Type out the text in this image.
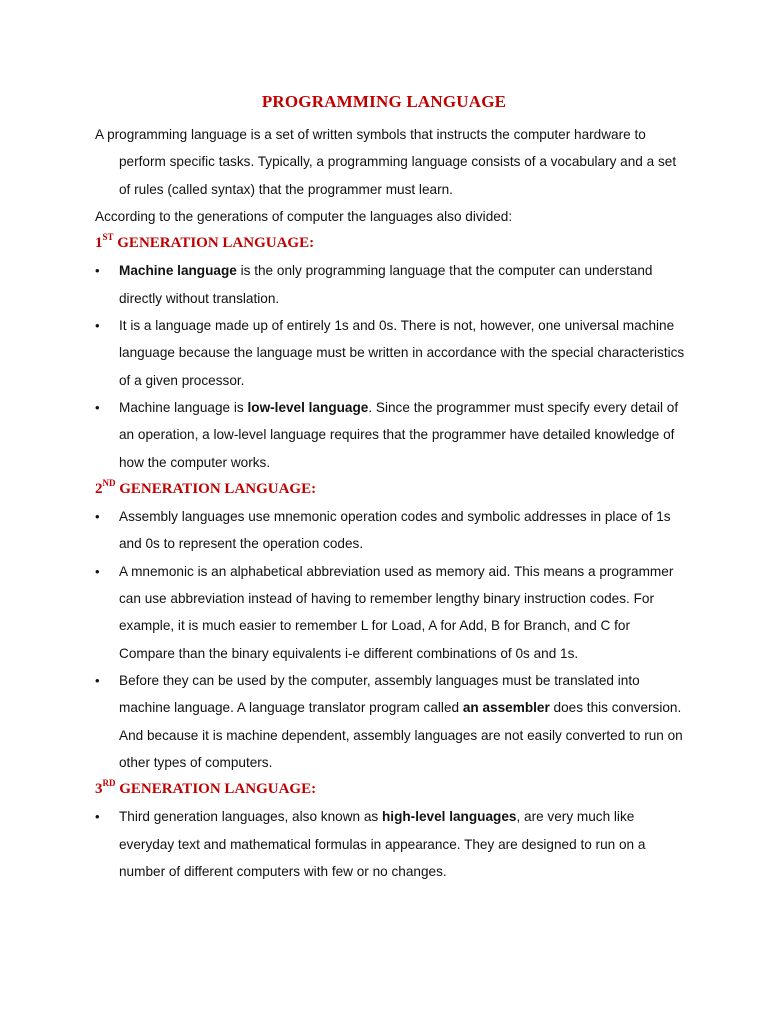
PROGRAMMING LANGUAGE

A programming language is a set of written symbols that instructs the computer hardware to perform specific tasks. Typically, a programming language consists of a vocabulary and a set of rules (called syntax) that the programmer must learn.

According to the generations of computer the languages also divided:

1ST GENERATION LANGUAGE:

• Machine language is the only programming language that the computer can understand directly without translation.
• It is a language made up of entirely 1s and 0s. There is not, however, one universal machine language because the language must be written in accordance with the special characteristics of a given processor.
• Machine language is low-level language. Since the programmer must specify every detail of an operation, a low-level language requires that the programmer have detailed knowledge of how the computer works.

2ND GENERATION LANGUAGE:

• Assembly languages use mnemonic operation codes and symbolic addresses in place of 1s and 0s to represent the operation codes.
• A mnemonic is an alphabetical abbreviation used as memory aid. This means a programmer can use abbreviation instead of having to remember lengthy binary instruction codes. For example, it is much easier to remember L for Load, A for Add, B for Branch, and C for Compare than the binary equivalents i-e different combinations of 0s and 1s.
• Before they can be used by the computer, assembly languages must be translated into machine language. A language translator program called an assembler does this conversion. And because it is machine dependent, assembly languages are not easily converted to run on other types of computers.

3RD GENERATION LANGUAGE:

• Third generation languages, also known as high-level languages, are very much like everyday text and mathematical formulas in appearance. They are designed to run on a number of different computers with few or no changes.
